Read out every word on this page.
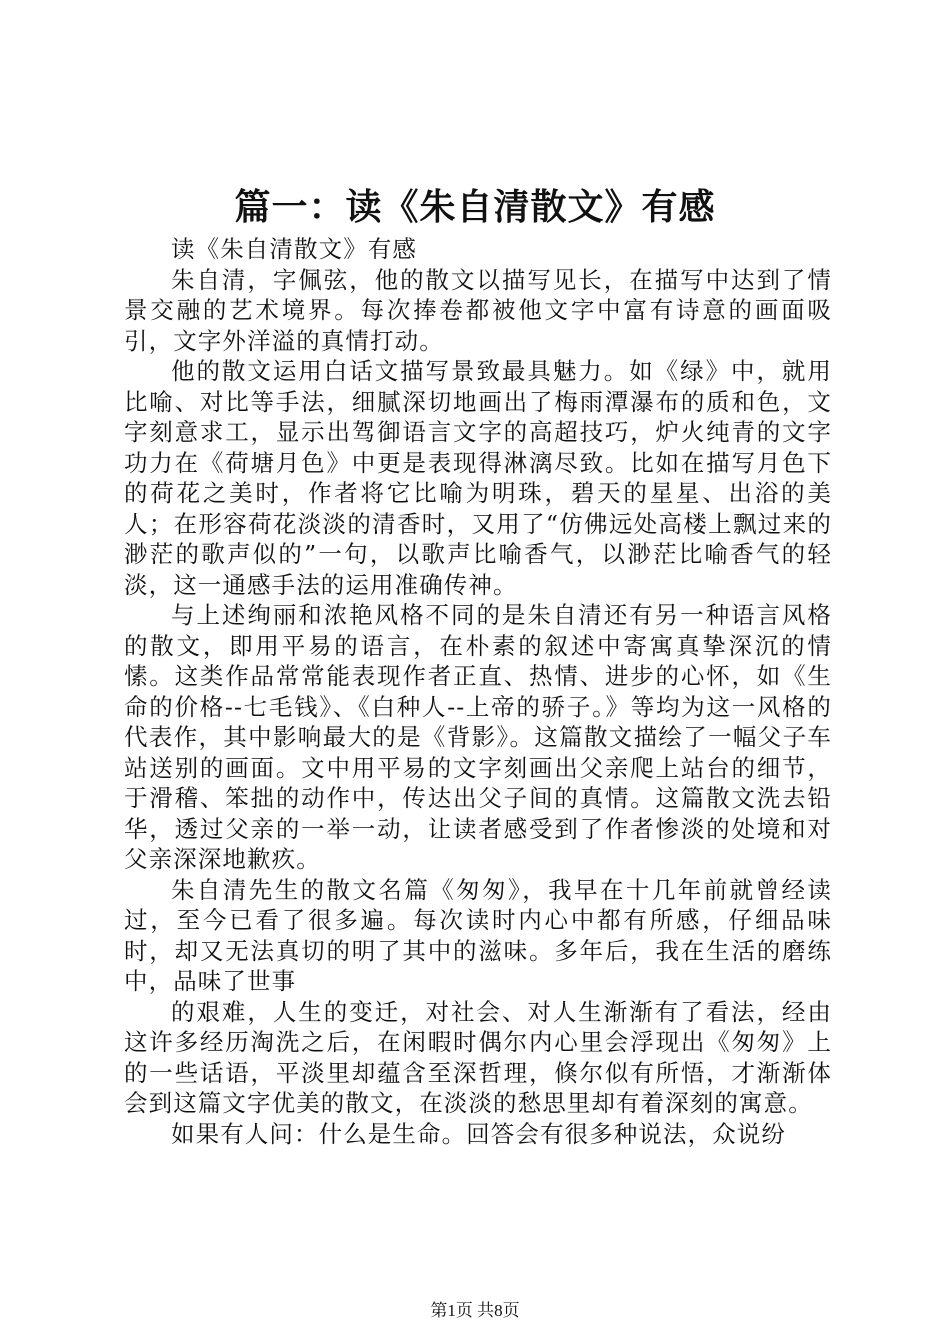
篇一：读《朱自清散文》有感

读《朱自清散文》有感

朱自清，字佩弦，他的散文以描写见长，在描写中达到了情景交融的艺术境界。每次捧卷都被他文字中富有诗意的画面吸引，文字外洋溢的真情打动。

他的散文运用白话文描写景致最具魅力。如《绿》中，就用比喻、对比等手法，细腻深切地画出了梅雨潭瀑布的质和色，文字刻意求工，显示出驾御语言文字的高超技巧，炉火纯青的文字功力在《荷塘月色》中更是表现得淋漓尽致。比如在描写月色下的荷花之美时，作者将它比喻为明珠，碧天的星星、出浴的美人；在形容荷花淡淡的清香时，又用了“仿佛远处高楼上飘过来的渺茫的歌声似的”一句，以歌声比喻香气，以渺茫比喻香气的轻淡，这一通感手法的运用准确传神。

与上述绚丽和浓艳风格不同的是朱自清还有另一种语言风格的散文，即用平易的语言，在朴素的叙述中寄寓真挚深沉的情愫。这类作品常常能表现作者正直、热情、进步的心怀，如《生命的价格--七毛钱》、《白种人--上帝的骄子。》等均为这一风格的代表作，其中影响最大的是《背影》。这篇散文描绘了一幅父子车站送别的画面。文中用平易的文字刻画出父亲爬上站台的细节，于滑稽、笨拙的动作中，传达出父子间的真情。这篇散文洗去铅华，透过父亲的一举一动，让读者感受到了作者惨淡的处境和对父亲深深地歉疚。

朱自清先生的散文名篇《匆匆》，我早在十几年前就曾经读过，至今已看了很多遍。每次读时内心中都有所感，仔细品味时，却又无法真切的明了其中的滋味。多年后，我在生活的磨练中，品味了世事

的艰难，人生的变迁，对社会、对人生渐渐有了看法，经由这许多经历淘洗之后，在闲暇时偶尔内心里会浮现出《匆匆》上的一些话语，平淡里却蕴含至深哲理，倏尔似有所悟，才渐渐体会到这篇文字优美的散文，在淡淡的愁思里却有着深刻的寓意。

如果有人问：什么是生命。回答会有很多种说法，众说纷

第1页 共8页
